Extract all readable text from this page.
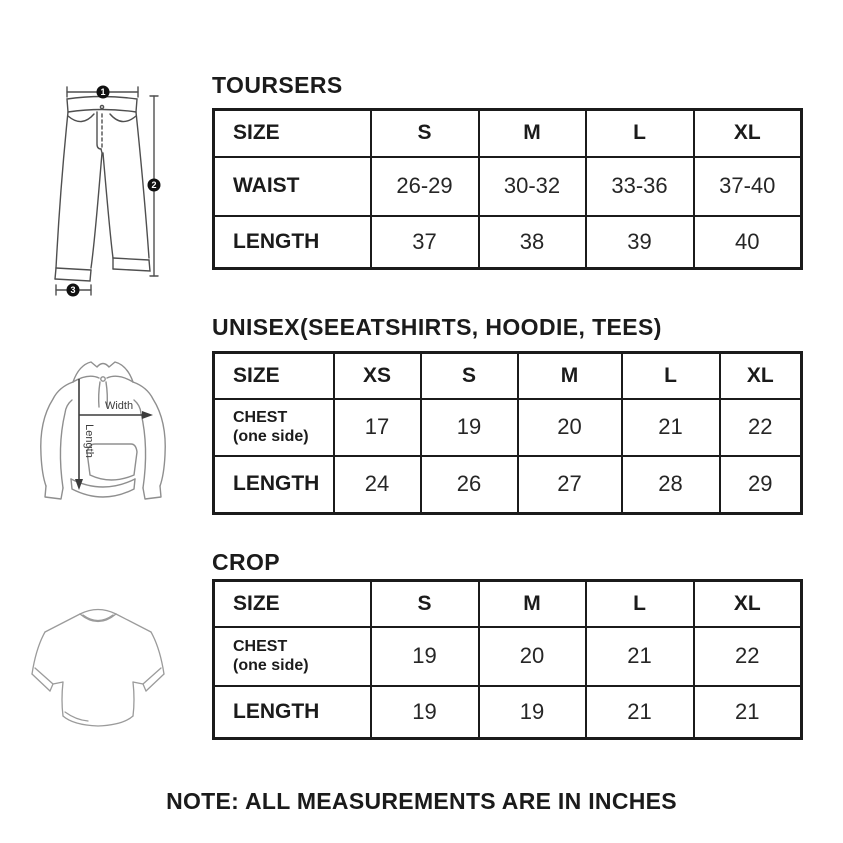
1
2
3
TOURSERS
SIZE	S	M	L	XL
WAIST	26-29	30-32	33-36	37-40
LENGTH	37	38	39	40
Width
Length
UNISEX(SEEATSHIRTS, HOODIE, TEES)
SIZE	XS	S	M	L	XL

CHEST
(one side)	17	19	20	21	22
LENGTH	24	26	27	28	29
CROP
SIZE	S	M	L	XL

CHEST
(one side)	19	20	21	22
LENGTH	19	19	21	21
NOTE: ALL MEASUREMENTS ARE IN INCHES
